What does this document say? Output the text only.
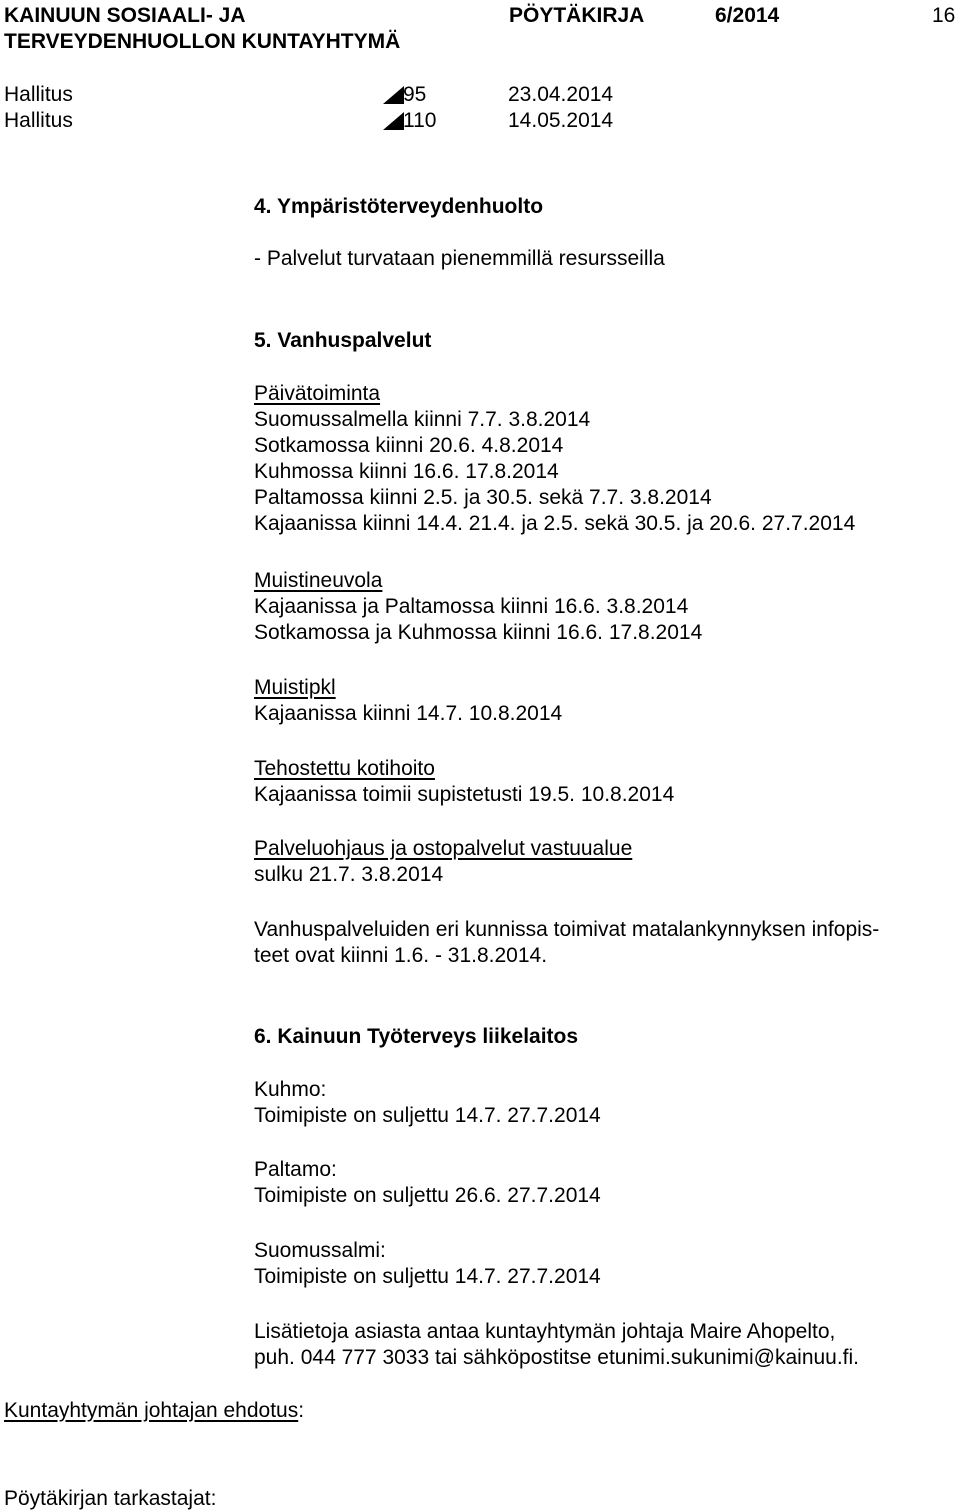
KAINUUN SOSIAALI- JA
TERVEYDENHUOLLON KUNTAYHTYMÄ
PÖYTÄKIRJA	6/2014	16
Hallitus	95	23.04.2014
Hallitus	110	14.05.2014
4. Ympäristöterveydenhuolto
- Palvelut turvataan pienemmillä resursseilla
5. Vanhuspalvelut
Päivätoiminta
Suomussalmella kiinni 7.7. 3.8.2014
Sotkamossa kiinni 20.6. 4.8.2014
Kuhmossa kiinni 16.6. 17.8.2014
Paltamossa kiinni 2.5. ja 30.5. sekä 7.7. 3.8.2014
Kajaanissa kiinni 14.4. 21.4. ja 2.5. sekä 30.5. ja 20.6. 27.7.2014
Muistineuvola
Kajaanissa ja Paltamossa kiinni 16.6. 3.8.2014
Sotkamossa ja Kuhmossa kiinni 16.6. 17.8.2014
Muistipkl
Kajaanissa kiinni 14.7. 10.8.2014
Tehostettu kotihoito
Kajaanissa toimii supistetusti 19.5. 10.8.2014
Palveluohjaus ja ostopalvelut vastuualue
sulku 21.7. 3.8.2014
Vanhuspalveluiden eri kunnissa toimivat matalankynnyksen infopis-
teet ovat kiinni 1.6. - 31.8.2014.
6. Kainuun Työterveys liikelaitos
Kuhmo:
Toimipiste on suljettu 14.7. 27.7.2014
Paltamo:
Toimipiste on suljettu 26.6. 27.7.2014
Suomussalmi:
Toimipiste on suljettu 14.7. 27.7.2014
Lisätietoja asiasta antaa kuntayhtymän johtaja Maire Ahopelto,
puh. 044 777 3033 tai sähköpostitse etunimi.sukunimi@kainuu.fi.
Kuntayhtymän johtajan ehdotus:
Pöytäkirjan tarkastajat:
